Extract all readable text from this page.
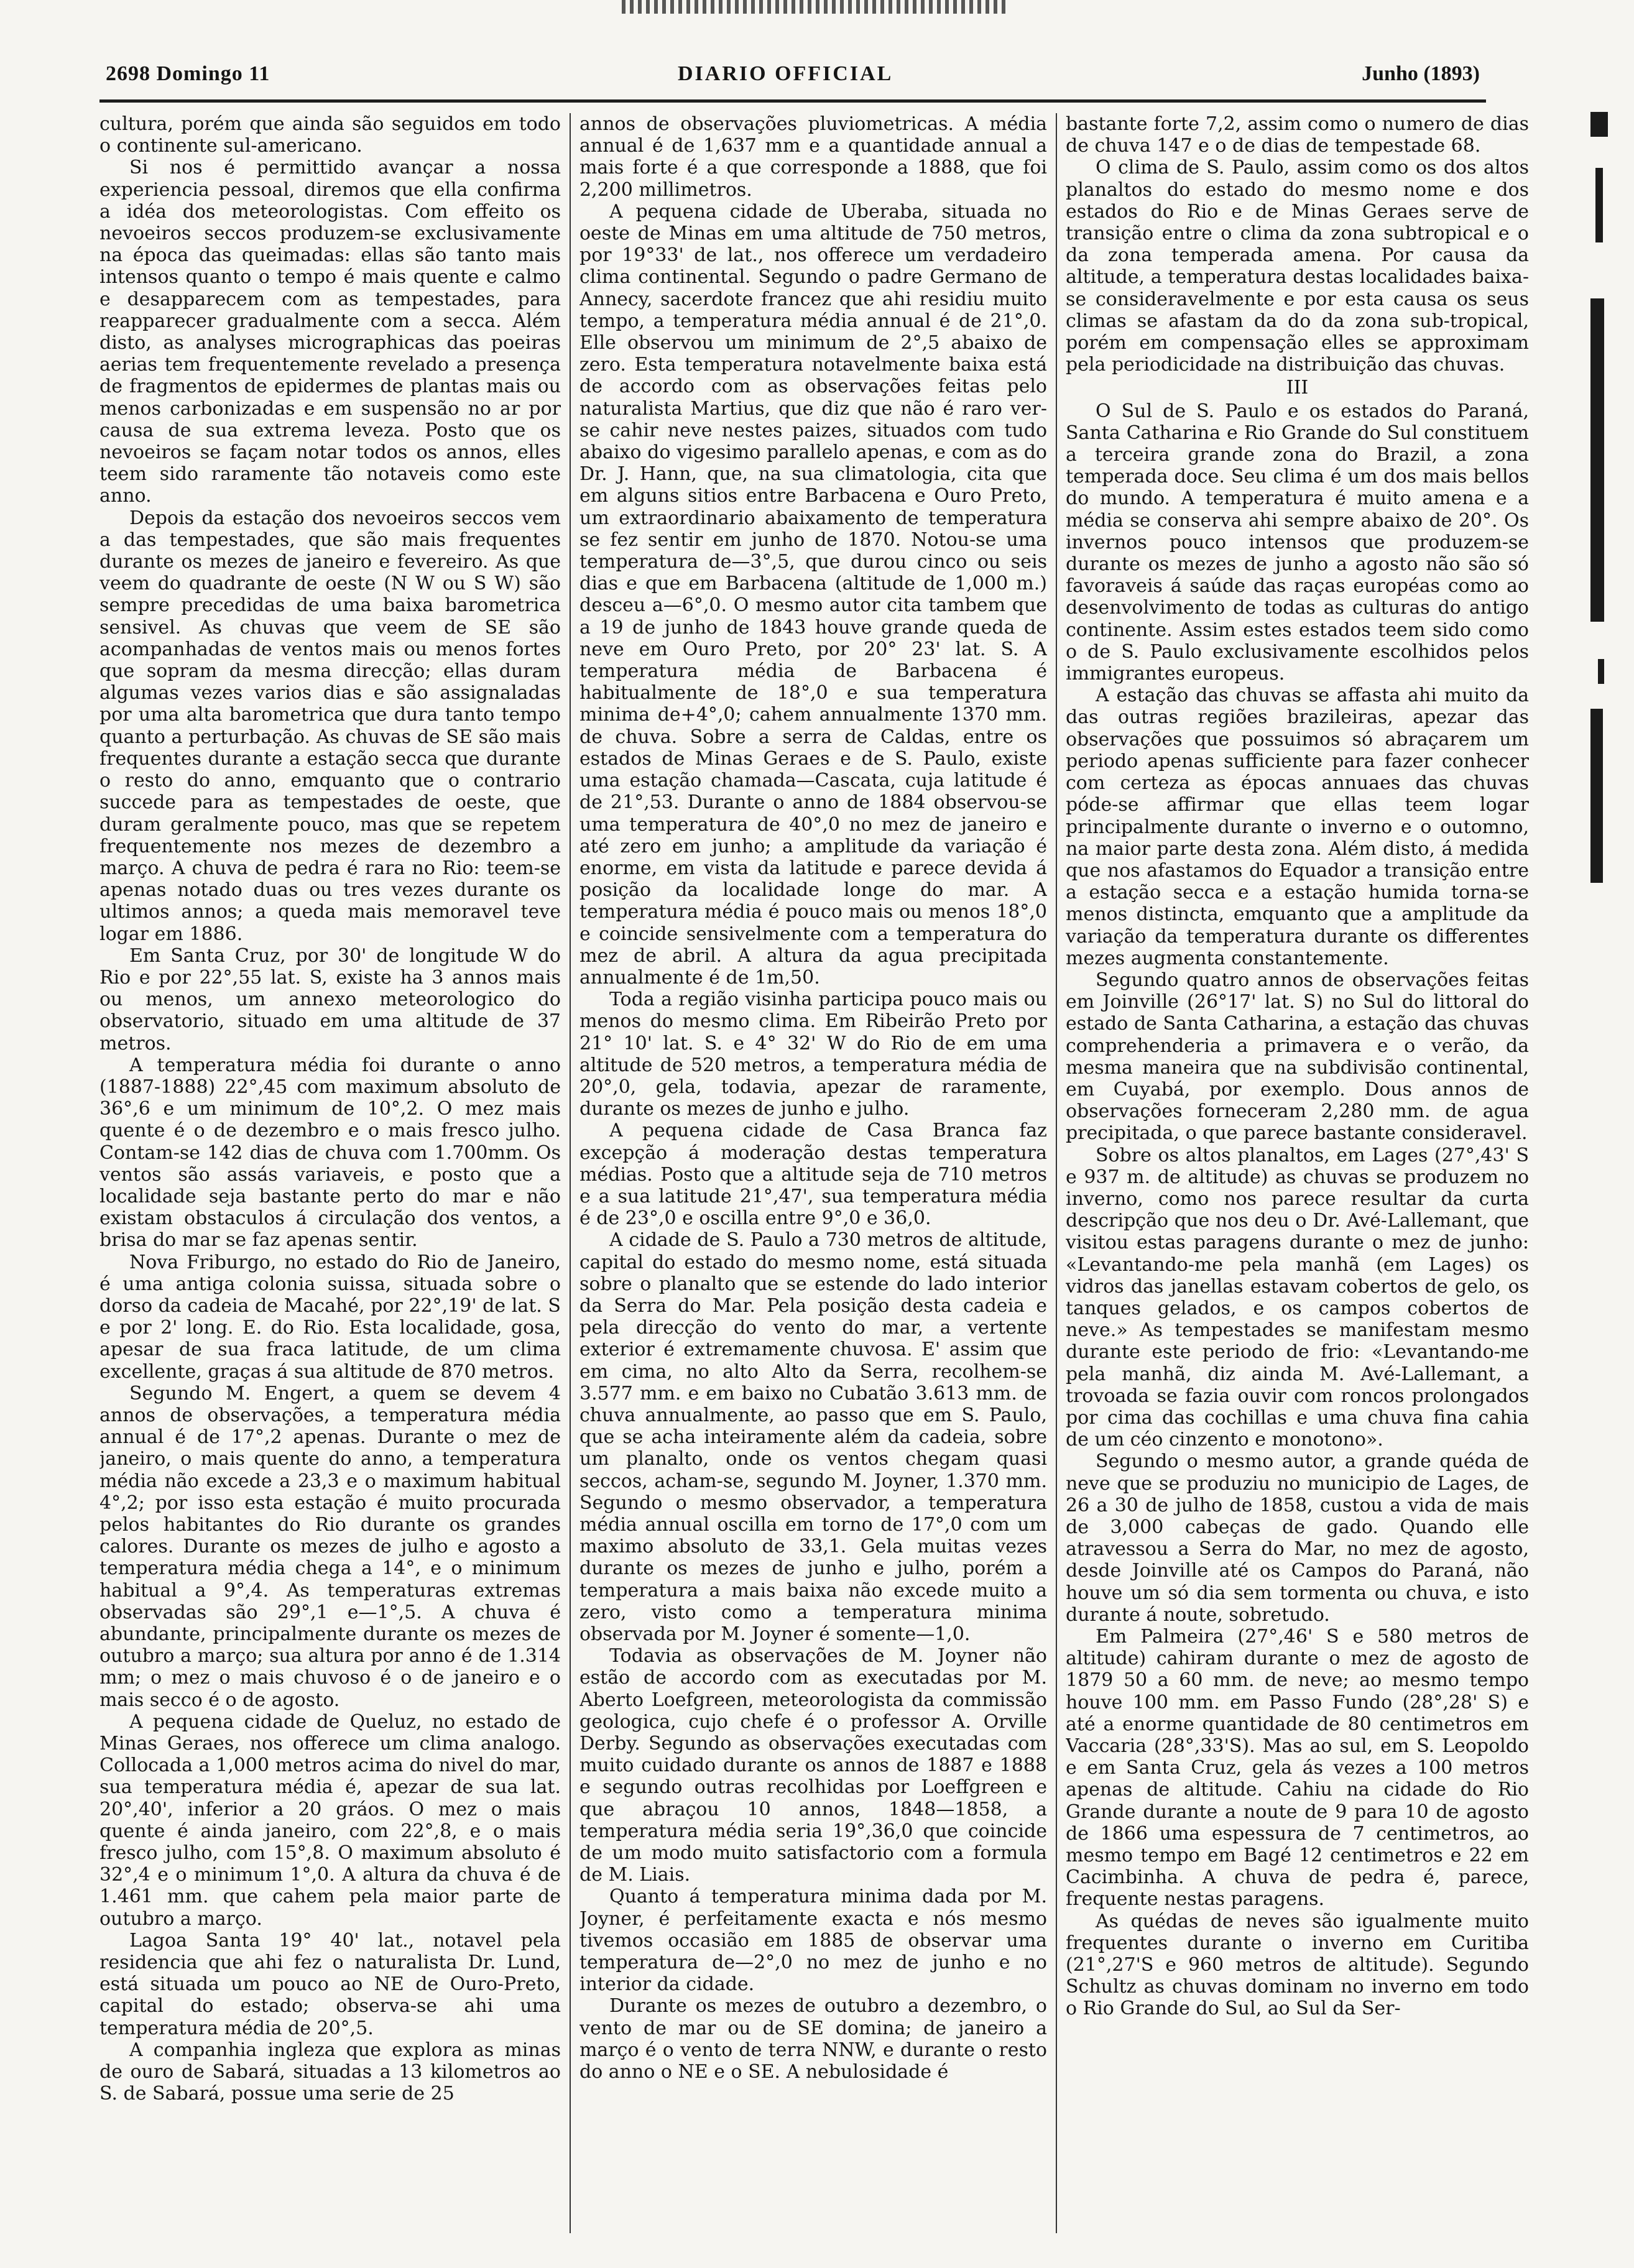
2698 Domingo 11	DIARIO OFFICIAL	Junho (1893)

cultura, porém que ainda são seguidos em todo o continente sul-americano.

Si nos é permittido avançar a nossa experiencia pessoal, diremos que ella confirma a idéa dos meteorologistas. Com effeito os nevoeiros seccos produzem-se exclusivamente na época das queimadas: ellas são tanto mais intensos quanto o tempo é mais quente e calmo e desapparecem com as tempestades, para reapparecer gradualmente com a secca. Além disto, as analyses micrographicas das poeiras aerias tem frequentemente revelado a presença de fragmentos de epidermes de plantas mais ou menos carbonizadas e em suspensão no ar por causa de sua extrema leveza. Posto que os nevoeiros se façam notar todos os annos, elles teem sido raramente tão notaveis como este anno.

Depois da estação dos nevoeiros seccos vem a das tempestades, que são mais frequentes durante os mezes de janeiro e fevereiro. As que veem do quadrante de oeste (N W ou S W) são sempre precedidas de uma baixa barometrica sensivel. As chuvas que veem de SE são acompanhadas de ventos mais ou menos fortes que sopram da mesma direcção; ellas duram algumas vezes varios dias e são assignaladas por uma alta barometrica que dura tanto tempo quanto a perturbação. As chuvas de SE são mais frequentes durante a estação secca que durante o resto do anno, emquanto que o contrario succede para as tempestades de oeste, que duram geralmente pouco, mas que se repetem frequentemente nos mezes de dezembro a março. A chuva de pedra é rara no Rio: teem-se apenas notado duas ou tres vezes durante os ultimos annos; a queda mais memoravel teve logar em 1886.

Em Santa Cruz, por 30' de longitude W do Rio e por 22°,55 lat. S, existe ha 3 annos mais ou menos, um annexo meteorologico do observatorio, situado em uma altitude de 37 metros.

A temperatura média foi durante o anno (1887-1888) 22°,45 com maximum absoluto de 36°,6 e um minimum de 10°,2. O mez mais quente é o de dezembro e o mais fresco julho. Contam-se 142 dias de chuva com 1.700mm. Os ventos são assás variaveis, e posto que a localidade seja bastante perto do mar e não existam obstaculos á circulação dos ventos, a brisa do mar se faz apenas sentir.

Nova Friburgo, no estado do Rio de Janeiro, é uma antiga colonia suissa, situada sobre o dorso da cadeia de Macahé, por 22°,19' de lat. S e por 2' long. E. do Rio. Esta localidade, gosa, apesar de sua fraca latitude, de um clima excellente, graças á sua altitude de 870 metros.

Segundo M. Engert, a quem se devem 4 annos de observações, a temperatura média annual é de 17°,2 apenas. Durante o mez de janeiro, o mais quente do anno, a temperatura média não excede a 23,3 e o maximum habitual 4°,2; por isso esta estação é muito procurada pelos habitantes do Rio durante os grandes calores. Durante os mezes de julho e agosto a temperatura média chega a 14°, e o minimum habitual a 9°,4. As temperaturas extremas observadas são 29°,1 e—1°,5. A chuva é abundante, principalmente durante os mezes de outubro a março; sua altura por anno é de 1.314 mm; o mez o mais chuvoso é o de janeiro e o mais secco é o de agosto.

A pequena cidade de Queluz, no estado de Minas Geraes, nos offerece um clima analogo. Collocada a 1,000 metros acima do nivel do mar, sua temperatura média é, apezar de sua lat. 20°,40', inferior a 20 gráos. O mez o mais quente é ainda janeiro, com 22°,8, e o mais fresco julho, com 15°,8. O maximum absoluto é 32°,4 e o minimum 1°,0. A altura da chuva é de 1.461 mm. que cahem pela maior parte de outubro a março.

Lagoa Santa 19° 40' lat., notavel pela residencia que ahi fez o naturalista Dr. Lund, está situada um pouco ao NE de Ouro-Preto, capital do estado; observa-se ahi uma temperatura média de 20°,5.

A companhia ingleza que explora as minas de ouro de Sabará, situadas a 13 kilometros ao S. de Sabará, possue uma serie de 25

annos de observações pluviometricas. A média annual é de 1,637 mm e a quantidade annual a mais forte é a que corresponde a 1888, que foi 2,200 millimetros.

A pequena cidade de Uberaba, situada no oeste de Minas em uma altitude de 750 metros, por 19°33' de lat., nos offerece um verdadeiro clima continental. Segundo o padre Germano de Annecy, sacerdote francez que ahi residiu muito tempo, a temperatura média annual é de 21°,0. Elle observou um minimum de 2°,5 abaixo de zero. Esta temperatura notavelmente baixa está de accordo com as observações feitas pelo naturalista Martius, que diz que não é raro ver-se cahir neve nestes paizes, situados com tudo abaixo do vigesimo parallelo apenas, e com as do Dr. J. Hann, que, na sua climatologia, cita que em alguns sitios entre Barbacena e Ouro Preto, um extraordinario abaixamento de temperatura se fez sentir em junho de 1870. Notou-se uma temperatura de—3°,5, que durou cinco ou seis dias e que em Barbacena (altitude de 1,000 m.) desceu a—6°,0. O mesmo autor cita tambem que a 19 de junho de 1843 houve grande queda de neve em Ouro Preto, por 20° 23' lat. S. A temperatura média de Barbacena é habitualmente de 18°,0 e sua temperatura minima de+4°,0; cahem annualmente 1370 mm. de chuva. Sobre a serra de Caldas, entre os estados de Minas Geraes e de S. Paulo, existe uma estação chamada—Cascata, cuja latitude é de 21°,53. Durante o anno de 1884 observou-se uma temperatura de 40°,0 no mez de janeiro e até zero em junho; a amplitude da variação é enorme, em vista da latitude e parece devida á posição da localidade longe do mar. A temperatura média é pouco mais ou menos 18°,0 e coincide sensivelmente com a temperatura do mez de abril. A altura da agua precipitada annualmente é de 1m,50.

Toda a região visinha participa pouco mais ou menos do mesmo clima. Em Ribeirão Preto por 21° 10' lat. S. e 4° 32' W do Rio de em uma altitude de 520 metros, a temperatura média de 20°,0, gela, todavia, apezar de raramente, durante os mezes de junho e julho.

A pequena cidade de Casa Branca faz excepção á moderação destas temperatura médias. Posto que a altitude seja de 710 metros e a sua latitude 21°,47', sua temperatura média é de 23°,0 e oscilla entre 9°,0 e 36,0.

A cidade de S. Paulo a 730 metros de altitude, capital do estado do mesmo nome, está situada sobre o planalto que se estende do lado interior da Serra do Mar. Pela posição desta cadeia e pela direcção do vento do mar, a vertente exterior é extremamente chuvosa. E' assim que em cima, no alto Alto da Serra, recolhem-se 3.577 mm. e em baixo no Cubatão 3.613 mm. de chuva annualmente, ao passo que em S. Paulo, que se acha inteiramente além da cadeia, sobre um planalto, onde os ventos chegam quasi seccos, acham-se, segundo M. Joyner, 1.370 mm. Segundo o mesmo observador, a temperatura média annual oscilla em torno de 17°,0 com um maximo absoluto de 33,1. Gela muitas vezes durante os mezes de junho e julho, porém a temperatura a mais baixa não excede muito a zero, visto como a temperatura minima observada por M. Joyner é somente—1,0.

Todavia as observações de M. Joyner não estão de accordo com as executadas por M. Aberto Loefgreen, meteorologista da commissão geologica, cujo chefe é o professor A. Orville Derby. Segundo as observações executadas com muito cuidado durante os annos de 1887 e 1888 e segundo outras recolhidas por Loeffgreen e que abraçou 10 annos, 1848—1858, a temperatura média seria 19°,36,0 que coincide de um modo muito satisfactorio com a formula de M. Liais.

Quanto á temperatura minima dada por M. Joyner, é perfeitamente exacta e nós mesmo tivemos occasião em 1885 de observar uma temperatura de—2°,0 no mez de junho e no interior da cidade.

Durante os mezes de outubro a dezembro, o vento de mar ou de SE domina; de janeiro a março é o vento de terra NNW, e durante o resto do anno o NE e o SE. A nebulosidade é

bastante forte 7,2, assim como o numero de dias de chuva 147 e o de dias de tempestade 68.

O clima de S. Paulo, assim como os dos altos planaltos do estado do mesmo nome e dos estados do Rio e de Minas Geraes serve de transição entre o clima da zona subtropical e o da zona temperada amena. Por causa da altitude, a temperatura destas localidades baixa-se consideravelmente e por esta causa os seus climas se afastam da do da zona sub-tropical, porém em compensação elles se approximam pela periodicidade na distribuição das chuvas.

III

O Sul de S. Paulo e os estados do Paraná, Santa Catharina e Rio Grande do Sul constituem a terceira grande zona do Brazil, a zona temperada doce. Seu clima é um dos mais bellos do mundo. A temperatura é muito amena e a média se conserva ahi sempre abaixo de 20°. Os invernos pouco intensos que produzem-se durante os mezes de junho a agosto não são só favoraveis á saúde das raças européas como ao desenvolvimento de todas as culturas do antigo continente. Assim estes estados teem sido como o de S. Paulo exclusivamente escolhidos pelos immigrantes europeus.

A estação das chuvas se affasta ahi muito da das outras regiões brazileiras, apezar das observações que possuimos só abraçarem um periodo apenas sufficiente para fazer conhecer com certeza as épocas annuaes das chuvas póde-se affirmar que ellas teem logar principalmente durante o inverno e o outomno, na maior parte desta zona. Além disto, á medida que nos afastamos do Equador a transição entre a estação secca e a estação humida torna-se menos distincta, emquanto que a amplitude da variação da temperatura durante os differentes mezes augmenta constantemente.

Segundo quatro annos de observações feitas em Joinville (26°17' lat. S) no Sul do littoral do estado de Santa Catharina, a estação das chuvas comprehenderia a primavera e o verão, da mesma maneira que na subdivisão continental, em Cuyabá, por exemplo. Dous annos de observações forneceram 2,280 mm. de agua precipitada, o que parece bastante consideravel.

Sobre os altos planaltos, em Lages (27°,43' S e 937 m. de altitude) as chuvas se produzem no inverno, como nos parece resultar da curta descripção que nos deu o Dr. Avé-Lallemant, que visitou estas paragens durante o mez de junho: «Levantando-me pela manhã (em Lages) os vidros das janellas estavam cobertos de gelo, os tanques gelados, e os campos cobertos de neve.» As tempestades se manifestam mesmo durante este periodo de frio: «Levantando-me pela manhã, diz ainda M. Avé-Lallemant, a trovoada se fazia ouvir com roncos prolongados por cima das cochillas e uma chuva fina cahia de um céo cinzento e monotono».

Segundo o mesmo autor, a grande quéda de neve que se produziu no municipio de Lages, de 26 a 30 de julho de 1858, custou a vida de mais de 3,000 cabeças de gado. Quando elle atravessou a Serra do Mar, no mez de agosto, desde Joinville até os Campos do Paraná, não houve um só dia sem tormenta ou chuva, e isto durante á noute, sobretudo.

Em Palmeira (27°,46' S e 580 metros de altitude) cahiram durante o mez de agosto de 1879 50 a 60 mm. de neve; ao mesmo tempo houve 100 mm. em Passo Fundo (28°,28' S) e até a enorme quantidade de 80 centimetros em Vaccaria (28°,33'S). Mas ao sul, em S. Leopoldo e em Santa Cruz, gela ás vezes a 100 metros apenas de altitude. Cahiu na cidade do Rio Grande durante a noute de 9 para 10 de agosto de 1866 uma espessura de 7 centimetros, ao mesmo tempo em Bagé 12 centimetros e 22 em Cacimbinha. A chuva de pedra é, parece, frequente nestas paragens.

As quédas de neves são igualmente muito frequentes durante o inverno em Curitiba (21°,27'S e 960 metros de altitude). Segundo Schultz as chuvas dominam no inverno em todo o Rio Grande do Sul, ao Sul da Ser-
